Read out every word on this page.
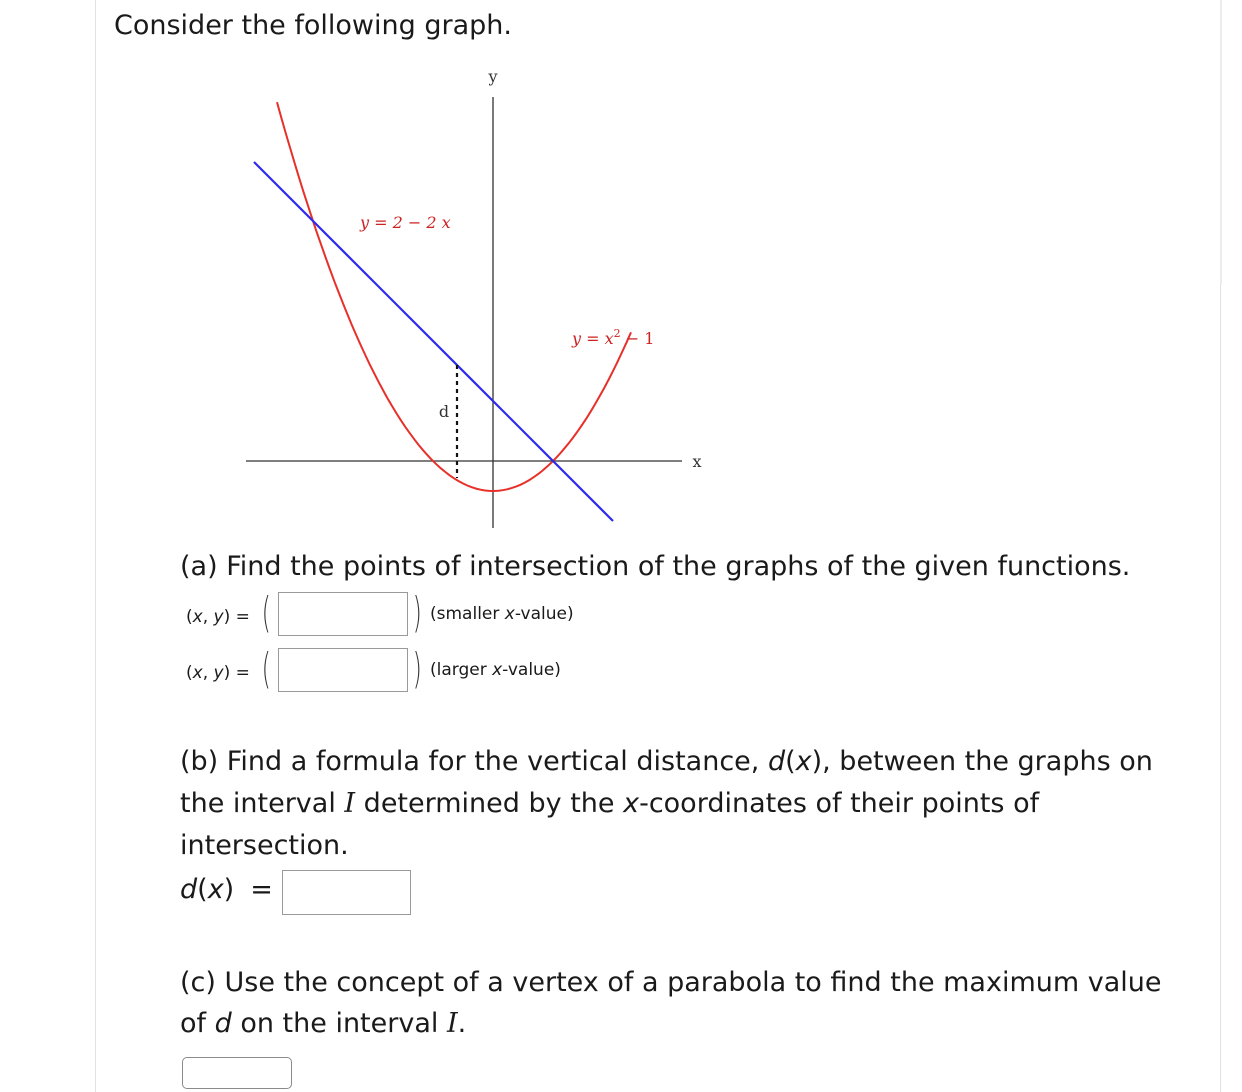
Consider the following graph.
y
x
d
y = 2 − 2 x
$y = x^2 - 1$
(a) Find the points of intersection of the graphs of the given functions.
(x, y) = (	) (smaller x-value)
(x, y) = (	) (larger x-value)
(b) Find a formula for the vertical distance, d(x), between the graphs on
the interval I determined by the x-coordinates of their points of
intersection.
d(x) =
(c) Use the concept of a vertex of a parabola to find the maximum value
of d on the interval I.
